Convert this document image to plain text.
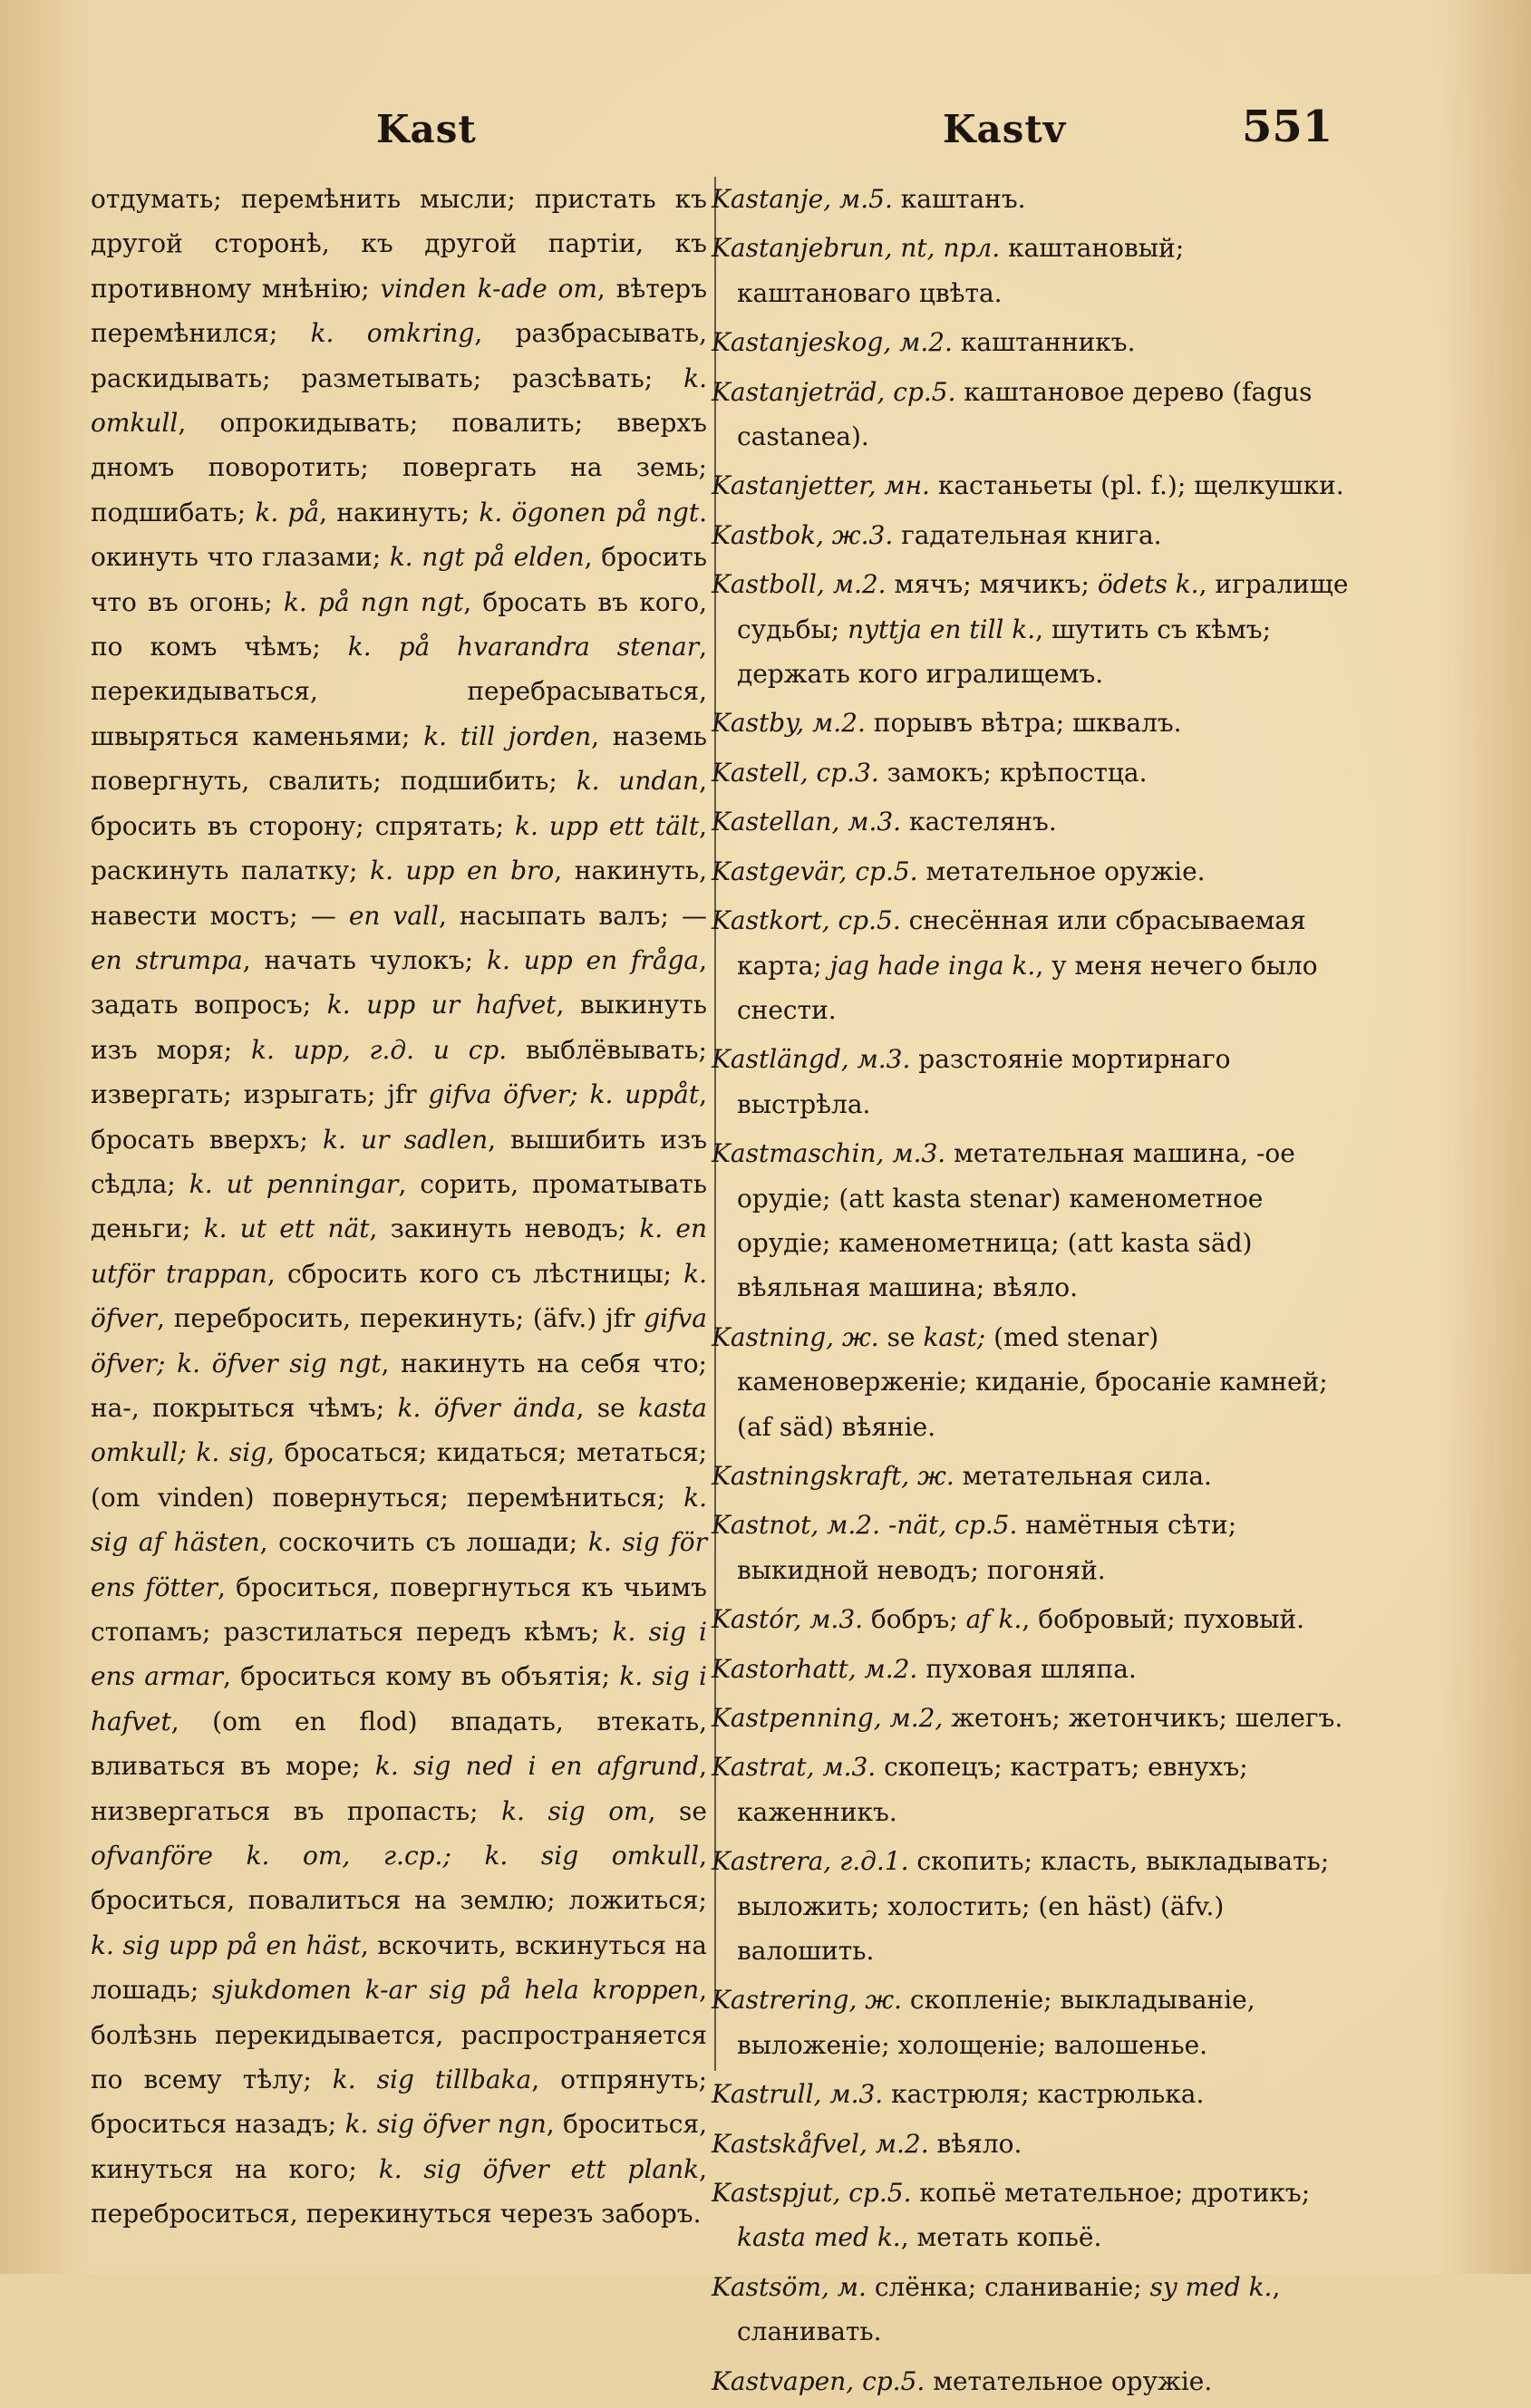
Kast	Kastv	551

отдумать; перемѣнить мысли; пристать къ другой сторонѣ, къ другой партіи, къ противному мнѣнію; vinden k-ade om, вѣтеръ перемѣнился; k. omkring, разбрасывать, раскидывать; разметывать; разсѣвать; k. omkull, опрокидывать; повалить; вверхъ дномъ поворотить; повергать на земь; подшибать; k. på, накинуть; k. ögonen på ngt. окинуть что глазами; k. ngt på elden, бросить что въ огонь; k. på ngn ngt, бросать въ кого, по комъ чѣмъ; k. på hvarandra stenar, перекидываться, перебрасываться, швыряться каменьями; k. till jorden, наземь повергнуть, свалить; подшибить; k. undan, бросить въ сторону; спрятать; k. upp ett tält, раскинуть палатку; k. upp en bro, накинуть, навести мостъ; — en vall, насыпать валъ; — en strumpa, начать чулокъ; k. upp en fråga, задать вопросъ; k. upp ur hafvet, выкинуть изъ моря; k. upp, г.д. и ср. выблёвывать; извергать; изрыгать; jfr gifva öfver; k. uppåt, бросать вверхъ; k. ur sadlen, вышибить изъ сѣдла; k. ut penningar, сорить, проматывать деньги; k. ut ett nät, закинуть неводъ; k. en utför trappan, сбросить кого съ лѣстницы; k. öfver, перебросить, перекинуть; (äfv.) jfr gifva öfver; k. öfver sig ngt, накинуть на себя что; на-, покрыться чѣмъ; k. öfver ända, se kasta omkull; k. sig, бросаться; кидаться; метаться; (om vinden) повернуться; перемѣниться; k. sig af hästen, соскочить съ лошади; k. sig för ens fötter, броситься, повергнуться къ чьимъ стопамъ; разстилаться передъ кѣмъ; k. sig i ens armar, броситься кому въ объятія; k. sig i hafvet, (om en flod) впадать, втекать, вливаться въ море; k. sig ned i en afgrund, низвергаться въ пропасть; k. sig om, se ofvanföre k. om, г.ср.; k. sig omkull, броситься, повалиться на землю; ложиться; k. sig upp på en häst, вскочить, вскинуться на лошадь; sjukdomen k-ar sig på hela kroppen, болѣзнь перекидывается, распространяется по всему тѣлу; k. sig tillbaka, отпрянуть; броситься назадъ; k. sig öfver ngn, броситься, кинуться на кого; k. sig öfver ett plank, переброситься, перекинуться черезъ заборъ.

Kastanje, м.5. каштанъ.

Kastanjebrun, nt, прл. каштановый; каштановаго цвѣта.

Kastanjeskog, м.2. каштанникъ.

Kastanjeträd, ср.5. каштановое дерево (fagus castanea).

Kastanjetter, мн. кастаньеты (pl. f.); щелкушки.

Kastbok, ж.3. гадательная книга.

Kastboll, м.2. мячъ; мячикъ; ödets k., игралище судьбы; nyttja en till k., шутить съ кѣмъ; держать кого игралищемъ.

Kastby, м.2. порывъ вѣтра; шквалъ.

Kastell, ср.3. замокъ; крѣпостца.

Kastellan, м.3. кастелянъ.

Kastgevär, ср.5. метательное оружіе.

Kastkort, ср.5. снесённая или сбрасываемая карта; jag hade inga k., у меня нечего было снести.

Kastlängd, м.3. разстояніе мортирнаго выстрѣла.

Kastmaschin, м.3. метательная машина, -ое орудіе; (att kasta stenar) каменометное орудіе; каменометница; (att kasta säd) вѣяльная машина; вѣяло.

Kastning, ж. se kast; (med stenar) каменоверженіе; киданіе, бросаніе камней; (af säd) вѣяніе.

Kastningskraft, ж. метательная сила.

Kastnot, м.2. -nät, ср.5. намётныя сѣти; выкидной неводъ; погоняй.

Kastór, м.3. бобръ; af k., бобровый; пуховый.

Kastorhatt, м.2. пуховая шляпа.

Kastpenning, м.2, жетонъ; жетончикъ; шелегъ.

Kastrat, м.3. скопецъ; кастратъ; евнухъ; каженникъ.

Kastrera, г.д.1. скопить; класть, выкладывать; выложить; холостить; (en häst) (äfv.) валошить.

Kastrering, ж. скопленіе; выкладываніе, выложеніе; холощеніе; валошенье.

Kastrull, м.3. кастрюля; кастрюлька.

Kastskåfvel, м.2. вѣяло.

Kastspjut, ср.5. копьё метательное; дротикъ; kasta med k., метать копьё.

Kastsöm, м. слёнка; сланиваніе; sy med k., сланивать.

Kastvapen, ср.5. метательное оружіе.
